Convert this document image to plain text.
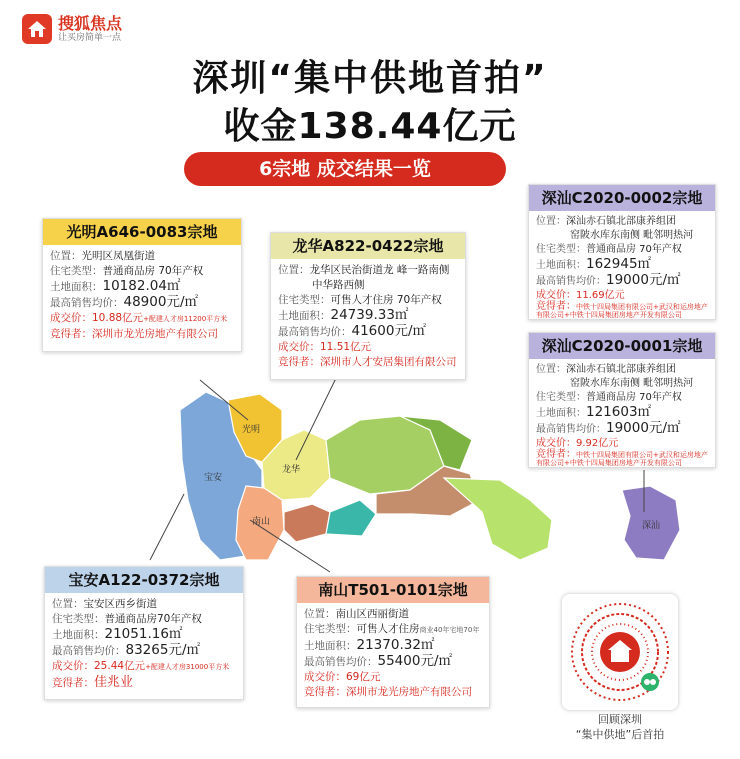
搜狐焦点
让买房简单一点
深圳“集中供地首拍”
收金138.44亿元
6宗地 成交结果一览
光明
龙华
宝安
南山	深汕
光明A646-0083宗地
位置：光明区凤凰街道
住宅类型：普通商品房 70年产权
土地面积：10182.04㎡
最高销售均价：48900元/㎡
成交价：10.88亿元+配建人才房11200平方米
竞得者：深圳市龙光房地产有限公司
龙华A822-0422宗地
位置：龙华区民治街道龙 峰一路南侧
中华路西侧
住宅类型：可售人才住房 70年产权
土地面积：24739.33㎡
最高销售均价：41600元/㎡
成交价：11.51亿元
竞得者：深圳市人才安居集团有限公司
深汕C2020-0002宗地
位置：深汕赤石镇北部康养组团
窑陂水库东南侧 毗邻明热河
住宅类型：普通商品房 70年产权
土地面积：162945㎡
最高销售均价：19000元/㎡
成交价：11.69亿元
竞得者：中铁十四局集团有限公司+武汉和运房地产有限公司+中铁十四局集团房地产开发有限公司
深汕C2020-0001宗地
位置：深汕赤石镇北部康养组团
窑陂水库东南侧 毗邻明热河
住宅类型：普通商品房 70年产权
土地面积：121603㎡
最高销售均价：19000元/㎡
成交价：9.92亿元
竞得者：中铁十四局集团有限公司+武汉和运房地产有限公司+中铁十四局集团房地产开发有限公司
宝安A122-0372宗地
位置：宝安区西乡街道
住宅类型：普通商品房70年产权
土地面积：21051.16㎡
最高销售均价：83265元/㎡
成交价：25.44亿元+配建人才房31000平方米
竞得者：佳兆业
南山T501-0101宗地
位置：南山区西丽街道
住宅类型：可售人才住房商业40年宅地70年
土地面积：21370.32㎡
最高销售均价：55400元/㎡
成交价：69亿元
竞得者：深圳市龙光房地产有限公司
回顾深圳
“集中供地”后首拍
